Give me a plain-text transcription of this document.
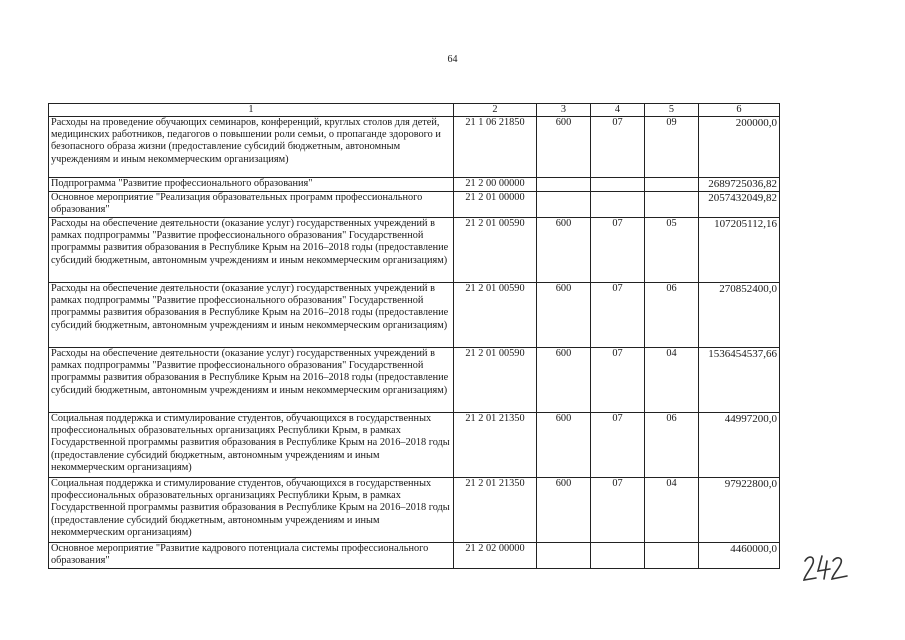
64
1	2	3	4	5	6
Расходы на проведение обучающих семинаров, конференций, круглых столов для детей, медицинских работников, педагогов о повышении роли семьи, о пропаганде здорового и безопасного образа жизни (предоставление субсидий бюджетным, автономным учреждениям и иным некоммерческим организациям)	21 1 06 21850	600	07	09	200000,0
Подпрограмма "Развитие профессионального образования"	21 2 00 00000				2689725036,82
Основное мероприятие "Реализация образовательных программ профессионального образования"	21 2 01 00000				2057432049,82
Расходы на обеспечение деятельности (оказание услуг) государственных учреждений в рамках подпрограммы "Развитие профессионального образования" Государственной программы развития образования в Республике Крым на 2016–2018 годы (предоставление субсидий бюджетным, автономным учреждениям и иным некоммерческим организациям)	21 2 01 00590	600	07	05	107205112,16
Расходы на обеспечение деятельности (оказание услуг) государственных учреждений в рамках подпрограммы "Развитие профессионального образования" Государственной программы развития образования в Республике Крым на 2016–2018 годы (предоставление субсидий бюджетным, автономным учреждениям и иным некоммерческим организациям)	21 2 01 00590	600	07	06	270852400,0
Расходы на обеспечение деятельности (оказание услуг) государственных учреждений в рамках подпрограммы "Развитие профессионального образования" Государственной программы развития образования в Республике Крым на 2016–2018 годы (предоставление субсидий бюджетным, автономным учреждениям и иным некоммерческим организациям)	21 2 01 00590	600	07	04	1536454537,66
Социальная поддержка и стимулирование студентов, обучающихся в государственных профессиональных образовательных организациях Республики Крым, в рамках Государственной программы развития образования в Республике Крым на 2016–2018 годы (предоставление субсидий бюджетным, автономным учреждениям и иным некоммерческим организациям)	21 2 01 21350	600	07	06	44997200,0
Социальная поддержка и стимулирование студентов, обучающихся в государственных профессиональных образовательных организациях Республики Крым, в рамках Государственной программы развития образования в Республике Крым на 2016–2018 годы (предоставление субсидий бюджетным, автономным учреждениям и иным некоммерческим организациям)	21 2 01 21350	600	07	04	97922800,0
Основное мероприятие "Развитие кадрового потенциала системы профессионального образования"	21 2 02 00000				4460000,0
